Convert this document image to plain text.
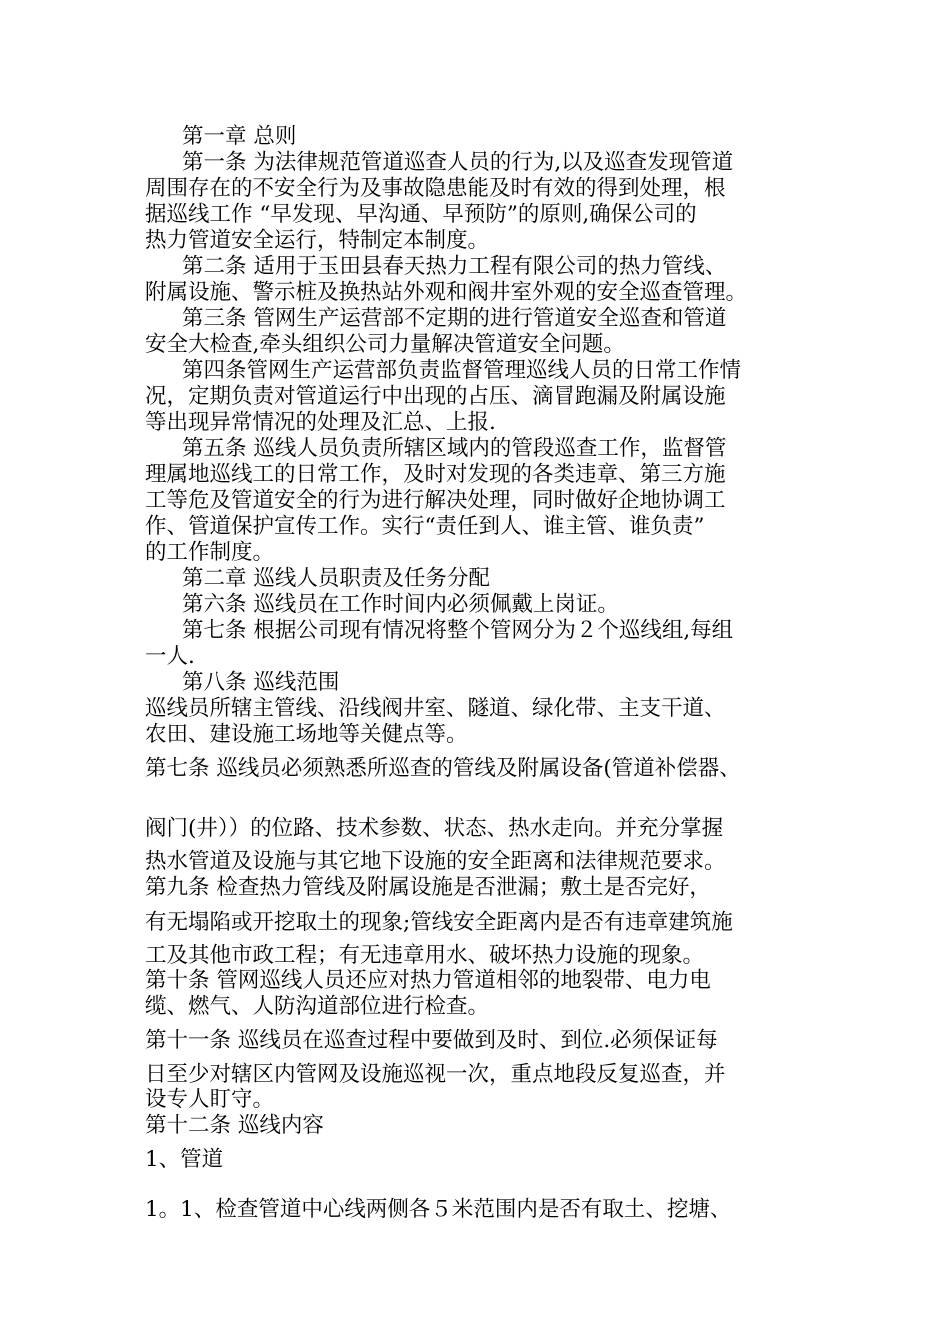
第一章 总则
第一条 为法律规范管道巡查人员的行为,以及巡查发现管道
周围存在的不安全行为及事故隐患能及时有效的得到处理，根
据巡线工作 “早发现、早沟通、早预防”的原则,确保公司的
热力管道安全运行，特制定本制度。
第二条 适用于玉田县春天热力工程有限公司的热力管线、
附属设施、警示桩及换热站外观和阀井室外观的安全巡查管理。
第三条 管网生产运营部不定期的进行管道安全巡查和管道
安全大检查,牵头组织公司力量解决管道安全问题。
第四条管网生产运营部负责监督管理巡线人员的日常工作情
况，定期负责对管道运行中出现的占压、滴冒跑漏及附属设施
等出现异常情况的处理及汇总、上报.
第五条 巡线人员负责所辖区域内的管段巡查工作，监督管
理属地巡线工的日常工作，及时对发现的各类违章、第三方施
工等危及管道安全的行为进行解决处理，同时做好企地协调工
作、管道保护宣传工作。实行“责任到人、谁主管、谁负责”
的工作制度。
第二章 巡线人员职责及任务分配
第六条 巡线员在工作时间内必须佩戴上岗证。
第七条 根据公司现有情况将整个管网分为２个巡线组,每组
一人.
第八条 巡线范围
巡线员所辖主管线、沿线阀井室、隧道、绿化带、主支干道、
农田、建设施工场地等关健点等。
第七条 巡线员必须熟悉所巡查的管线及附属设备(管道补偿器、
阀门(井））的位路、技术参数、状态、热水走向。并充分掌握
热水管道及设施与其它地下设施的安全距离和法律规范要求。
第九条 检查热力管线及附属设施是否泄漏；敷土是否完好，
有无塌陷或开挖取土的现象;管线安全距离内是否有违章建筑施
工及其他市政工程；有无违章用水、破坏热力设施的现象。
第十条 管网巡线人员还应对热力管道相邻的地裂带、电力电
缆、燃气、人防沟道部位进行检查。
第十一条 巡线员在巡查过程中要做到及时、到位.必须保证每
日至少对辖区内管网及设施巡视一次，重点地段反复巡查，并
设专人盯守。
第十二条 巡线内容
1、管道
1。1、检查管道中心线两侧各５米范围内是否有取土、挖塘、
